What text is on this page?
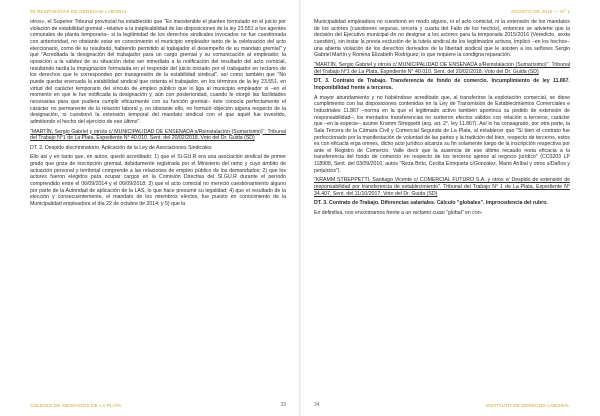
30 RESPUESTAS DE DERECHO LABORAL

otros», el Superior Tribunal provincial ha establecido que "Es insostenible el planteo formulado en el juicio por violación de estabilidad gremial –relativo a la inaplicabilidad de las disposiciones de la ley 23.551 a los agentes comunales de planta temporaria– si la legitimidad de los derechos sindicales invocados no fue cuestionada con anterioridad, no obstante estar en conocimiento el municipio empleador tanto de la celebración del acto eleccionario, como de su resultado, habiendo permitido al trabajador el desempeño de su mandato gremial" y que "Acreditada la designación del trabajador para un cargo gremial y su comunicación al empleador, la oposición a la validez de su situación debe ser inmediata a la notificación del resultado del acto comicial, resultando tardía la impugnación formulada en el responde del juicio iniciado por el trabajador en reclamo de los derechos que le corresponden por transgresión de la estabilidad sindical", así como también que "No puede quedar enervada la estabilidad sindical que ostenta el trabajador, en los términos de la ley 23.551, en virtud del carácter temporario del vínculo de empleo público que lo liga al municipio empleador si –en el momento en que le fue notificada la designación y, aún con posterioridad, cuando le otorgó las facilidades necesarias para que pudiera cumplir eficazmente con su función gremial– éste conocía perfectamente el carácter no permanente de la relación laboral y, no obstante ello, no formuló objeción alguna respecto de la designación, ni cuestionó la extensión temporal del mandato sindical con el que aquél fue investido, admitiendo el hecho del ejercicio de ese último".

"MARTÍN, Sergio Gabriel y otro/a c/ MUNICIPALIDAD DE ENSENADA s/Reinstalación (Sumarísimo)". Tribunal del Trabajo N°1 de La Plata, Expediente N° 40.010. Sent. del 20/02/2018. Voto del Dr. Guida (SD)

DT. 2. Despido discriminatorio. Aplicación de la Ley de Asociaciones Sindicales

Ello así y en tanto que, en autos, quedó acreditado: 1) que el SI.GU.R era una asociación sindical de primer grado que goza de inscripción gremial, debidamente registrada por el Ministerio del ramo y cuyo ámbito de actuación personal y territorial comprende a las relaciones de empleo público de los demandados; 2) que los actores fueron elegidos para ocupar cargos en la Comisión Directiva del SI.GU.R durante el período comprendido entre el 06/09/2014 y el 06/09/2018; 3) que el acto comicial no mereció cuestionamiento alguno por parte de la Autoridad de aplicación de la LAS, lo que hace presumir su legalidad; 4) que el resultado de la elección y consecuentemente, el mandato de los miembros electos, fue puesto en conocimiento de la Municipalidad empleadora el día 22 de octubre de 2014; y 5) que la

COLEGIO DE ABOGADOS DE LA PLATA	33
AGOSTO DE 2019 — Nº 1

Municipalidad empleadora no cuestionó en modo alguno, ni el acto comicial, ni la extensión de los mandatos de los actores (cuestiones seguras, tercera y cuarta del Fallo de los hechos), entonces se advierte que la decisión del Ejecutivo municipal de no designar a los actores para la temporada 2015/2016 (Veredicto, sexta cuestión), sin instar la previa exclusión de la tutela sindical de los legitimados activos, implicó –en los hechos– una abierta violación de los derechos derivados de la libertad sindical que le asisten a los señores Sergio Gabriel Martín y Romina Elizabeth Rodríguez; lo que requiere la condigna reparación.

"MARTÍN, Sergio Gabriel y otro/a c/ MUNICIPALIDAD DE ENSENADA s/Reinstalación (Sumarísimo)". Tribunal del Trabajo N°1 de La Plata, Expediente N° 40.010. Sent. del 20/02/2018. Voto del Dr. Guida (SD)

DT. 3. Contrato de Trabajo. Transferencia de fondo de comercio. Incumplimiento de ley 11.867. Inoponibilidad frente a terceros.

A mayor abundamiento y no habiéndose acreditado que, al transferirse la explotación comercial, se diese cumplimiento con las disposiciones contenidas en la Ley de Transmisión de Establecimientos Comerciales e Industriales 11.867 –norma en la que el legitimado activo también apontoca su pedido de extensión de responsabilidad–, los mentados transferencias no surtieron efectos válidos con relación a terceros, carácter que –en la especie– asume Kramm Streppetti (arg. art. 2°, ley 11.867). Así lo ha consagrado, por otra parte, la Sala Tercera de la Cámara Civil y Comercial Segunda de La Plata, al establecer que "Si bien el contrato fue perfeccionado por la manifestación de voluntad de las partes y la tradición del bien, respecto de terceros, estos es con eficacia erga omnes, dicho acto jurídico alcanza su fin solamente luego de la inscripción respectiva por ante el Registro de Comercio. Valle decir que la ausencia de ese último recaudo resta eficacia a la transferencia del fondo de comercio en respecto de los terceros ajenos al negocio jurídico" (CC0203 LP 118908, Sent. del 03/09/2016, autos "Reza Brito, Cecilia Enriqueta c/González, Mario Aníbal y otros s/Daños y perjuicios").

"KRAMM STREPPETTI, Santiago Vicente c/ COMERCIAL FUTURO S.A. y otros s/ Despido de extensión de responsabilidad por transferencia de establecimiento". Tribunal del Trabajo N° 1 de La Plata, Expediente N° 34.407, Sent. del 11/10/2017. Voto del Dr. Guida (SD)

DT. 3. Contrato de Trabajo. Diferencias salariales. Cálculo "globales". Improcedencia del rubro.

En definitiva, nos encontramos frente a un reclamo cuasi "global" en con-

INSTITUTO DE DERECHO LABORAL
34
